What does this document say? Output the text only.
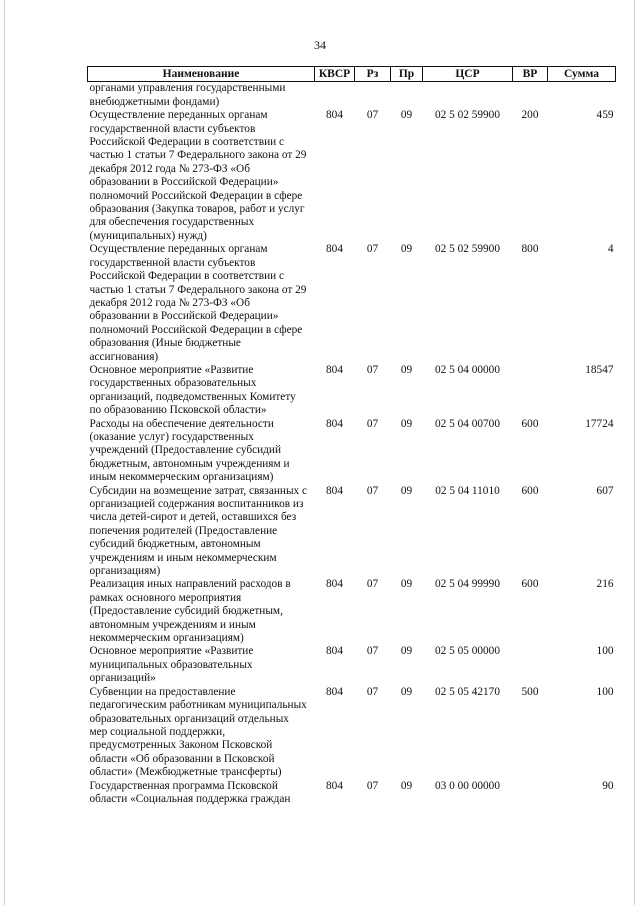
34
Наименование	КВСР	Рз	Пр	ЦСР	ВР	Сумма
органами управления государственными внебюджетными фондами)						
Осуществление переданных органам государственной власти субъектов Российской Федерации в соответствии с частью 1 статьи 7 Федерального закона от 29 декабря 2012 года № 273-ФЗ «Об образовании в Российской Федерации» полномочий Российской Федерации в сфере образования (Закупка товаров, работ и услуг для обеспечения государственных (муниципальных) нужд)	804	07	09	02 5 02 59900	200	459
Осуществление переданных органам государственной власти субъектов Российской Федерации в соответствии с частью 1 статьи 7 Федерального закона от 29 декабря 2012 года № 273-ФЗ «Об образовании в Российской Федерации» полномочий Российской Федерации в сфере образования (Иные бюджетные ассигнования)	804	07	09	02 5 02 59900	800	4
Основное мероприятие «Развитие государственных образовательных организаций, подведомственных Комитету по образованию Псковской области»	804	07	09	02 5 04 00000		18547
Расходы на обеспечение деятельности (оказание услуг) государственных учреждений (Предоставление субсидий бюджетным, автономным учреждениям и иным некоммерческим организациям)	804	07	09	02 5 04 00700	600	17724
Субсидии на возмещение затрат, связанных с организацией содержания воспитанников из числа детей-сирот и детей, оставшихся без попечения родителей (Предоставление субсидий бюджетным, автономным учреждениям и иным некоммерческим организациям)	804	07	09	02 5 04 11010	600	607
Реализация иных направлений расходов в рамках основного мероприятия (Предоставление субсидий бюджетным, автономным учреждениям и иным некоммерческим организациям)	804	07	09	02 5 04 99990	600	216
Основное мероприятие «Развитие муниципальных образовательных организаций»	804	07	09	02 5 05 00000		100
Субвенции на предоставление педагогическим работникам муниципальных образовательных организаций отдельных мер социальной поддержки, предусмотренных Законом Псковской области «Об образовании в Псковской области» (Межбюджетные трансферты)	804	07	09	02 5 05 42170	500	100
Государственная программа Псковской области «Социальная поддержка граждан	804	07	09	03 0 00 00000		90
